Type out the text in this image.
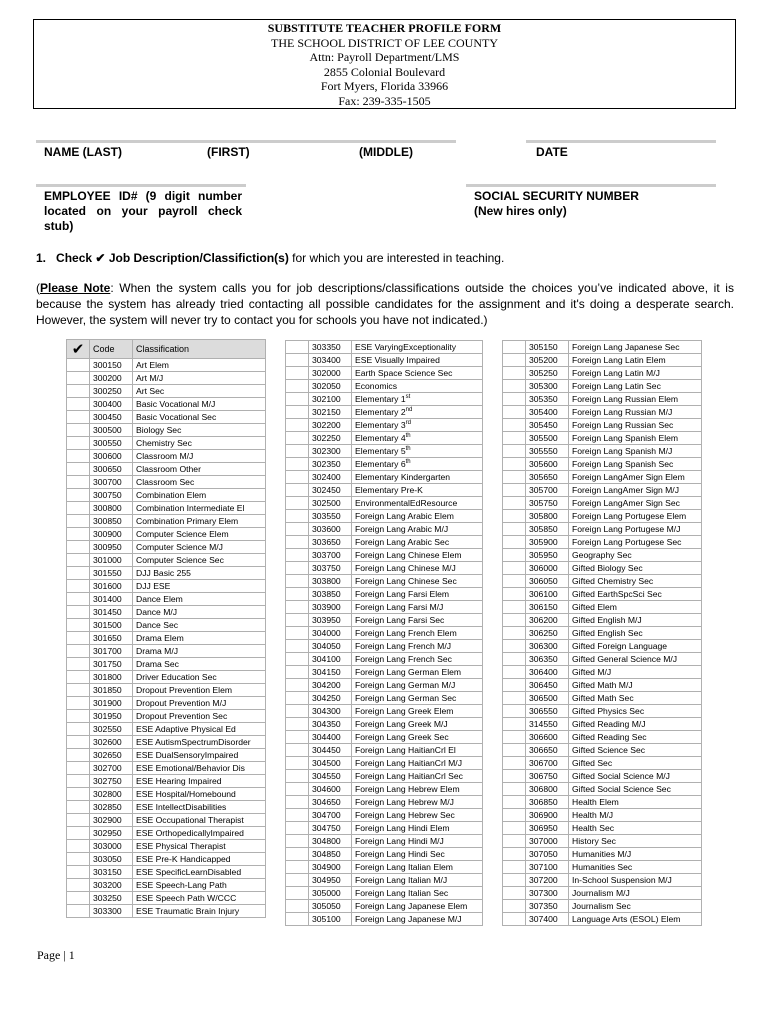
SUBSTITUTE TEACHER PROFILE FORM
THE SCHOOL DISTRICT OF LEE COUNTY
Attn: Payroll Department/LMS
2855 Colonial Boulevard
Fort Myers, Florida 33966
Fax: 239-335-1505
NAME (LAST)	(FIRST)	(MIDDLE)	DATE
EMPLOYEE ID# (9 digit number located on your payroll check stub)
SOCIAL SECURITY NUMBER
(New hires only)
1. Check ✔ Job Description/Classifiction(s) for which you are interested in teaching.
(Please Note: When the system calls you for job descriptions/classifications outside the choices you’ve indicated above, it is because the system has already tried contacting all possible candidates for the assignment and it's doing a desperate search. However, the system will never try to contact you for schools you have not indicated.)
✔	Code	Classification
	300150	Art Elem
	300200	Art M/J
	300250	Art Sec
	300400	Basic Vocational M/J
	300450	Basic Vocational Sec
	300500	Biology Sec
	300550	Chemistry Sec
	300600	Classroom M/J
	300650	Classroom Other
	300700	Classroom Sec
	300750	Combination Elem
	300800	Combination Intermediate El
	300850	Combination Primary Elem
	300900	Computer Science Elem
	300950	Computer Science M/J
	301000	Computer Science Sec
	301550	DJJ Basic 255
	301600	DJJ ESE
	301400	Dance Elem
	301450	Dance M/J
	301500	Dance Sec
	301650	Drama Elem
	301700	Drama M/J
	301750	Drama Sec
	301800	Driver Education Sec
	301850	Dropout Prevention Elem
	301900	Dropout Prevention M/J
	301950	Dropout Prevention Sec
	302550	ESE Adaptive Physical Ed
	302600	ESE AutismSpectrumDisorder
	302650	ESE DualSensoryImpaired
	302700	ESE Emotional/Behavior Dis
	302750	ESE Hearing Impaired
	302800	ESE Hospital/Homebound
	302850	ESE IntellectDisabilities
	302900	ESE Occupational Therapist
	302950	ESE OrthopedicallyImpaired
	303000	ESE Physical Therapist
	303050	ESE Pre-K Handicapped
	303150	ESE SpecificLearnDisabled
	303200	ESE Speech-Lang Path
	303250	ESE Speech Path W/CCC
	303300	ESE Traumatic Brain Injury
	303350	ESE VaryingExceptionality
	303400	ESE Visually Impaired
	302000	Earth Space Science Sec
	302050	Economics
	302100	Elementary 1st
	302150	Elementary 2nd
	302200	Elementary 3rd
	302250	Elementary 4th
	302300	Elementary 5th
	302350	Elementary 6th
	302400	Elementary Kindergarten
	302450	Elementary Pre-K
	302500	EnvironmentalEdResource
	303550	Foreign Lang Arabic Elem
	303600	Foreign Lang Arabic M/J
	303650	Foreign Lang Arabic Sec
	303700	Foreign Lang Chinese Elem
	303750	Foreign Lang Chinese M/J
	303800	Foreign Lang Chinese Sec
	303850	Foreign Lang Farsi Elem
	303900	Foreign Lang Farsi M/J
	303950	Foreign Lang Farsi Sec
	304000	Foreign Lang French Elem
	304050	Foreign Lang French M/J
	304100	Foreign Lang French Sec
	304150	Foreign Lang German Elem
	304200	Foreign Lang German M/J
	304250	Foreign Lang German Sec
	304300	Foreign Lang Greek Elem
	304350	Foreign Lang Greek M/J
	304400	Foreign Lang Greek Sec
	304450	Foreign Lang HaitianCrl El
	304500	Foreign Lang HaitianCrl M/J
	304550	Foreign Lang HaitianCrl Sec
	304600	Foreign Lang Hebrew Elem
	304650	Foreign Lang Hebrew M/J
	304700	Foreign Lang Hebrew Sec
	304750	Foreign Lang Hindi Elem
	304800	Foreign Lang Hindi M/J
	304850	Foreign Lang Hindi Sec
	304900	Foreign Lang Italian Elem
	304950	Foreign Lang Italian M/J
	305000	Foreign Lang Italian Sec
	305050	Foreign Lang Japanese Elem
	305100	Foreign Lang Japanese M/J
	305150	Foreign Lang Japanese Sec
	305200	Foreign Lang Latin Elem
	305250	Foreign Lang Latin M/J
	305300	Foreign Lang Latin Sec
	305350	Foreign Lang Russian Elem
	305400	Foreign Lang Russian M/J
	305450	Foreign Lang Russian Sec
	305500	Foreign Lang Spanish Elem
	305550	Foreign Lang Spanish M/J
	305600	Foreign Lang Spanish Sec
	305650	Foreign LangAmer Sign Elem
	305700	Foreign LangAmer Sign M/J
	305750	Foreign LangAmer Sign Sec
	305800	Foreign Lang Portugese Elem
	305850	Foreign Lang Portugese M/J
	305900	Foreign Lang Portugese Sec
	305950	Geography Sec
	306000	Gifted Biology Sec
	306050	Gifted Chemistry Sec
	306100	Gifted EarthSpcSci Sec
	306150	Gifted Elem
	306200	Gifted English M/J
	306250	Gifted English Sec
	306300	Gifted Foreign Language
	306350	Gifted General Science M/J
	306400	Gifted M/J
	306450	Gifted Math M/J
	306500	Gifted Math Sec
	306550	Gifted Physics Sec
	314550	Gifted Reading M/J
	306600	Gifted Reading Sec
	306650	Gifted Science Sec
	306700	Gifted Sec
	306750	Gifted Social Science M/J
	306800	Gifted Social Science Sec
	306850	Health Elem
	306900	Health M/J
	306950	Health Sec
	307000	History Sec
	307050	Humanities M/J
	307100	Humanities Sec
	307200	In-School Suspension M/J
	307300	Journalism M/J
	307350	Journalism Sec
	307400	Language Arts (ESOL) Elem
Page | 1
